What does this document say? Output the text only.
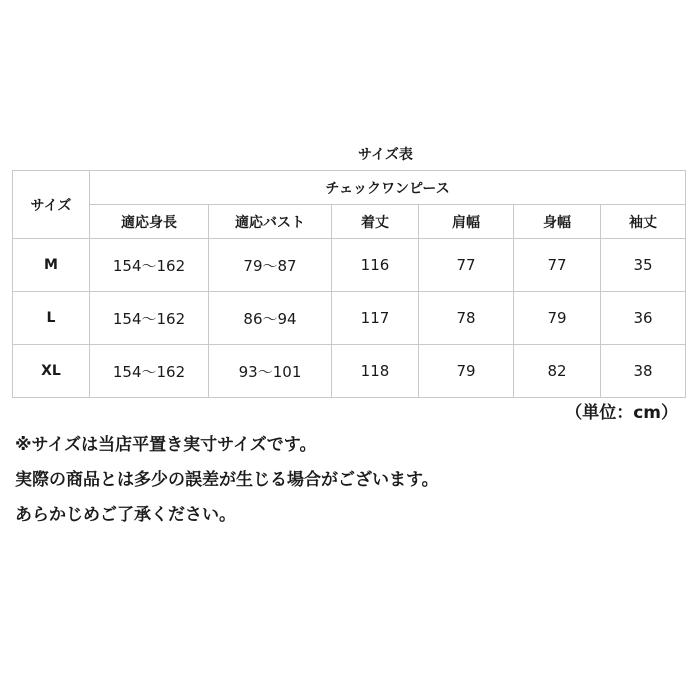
サイズ表
サイズ	チェックワンピース					
	適応身長	適応バスト	着丈	肩幅	身幅	袖丈
M	154～162	79～87	116	77	77	35
L	154～162	86～94	117	78	79	36
XL	154～162	93～101	118	79	82	38
（単位：cm）

※サイズは当店平置き実寸サイズです。

実際の商品とは多少の誤差が生じる場合がございます。

あらかじめご了承ください。
